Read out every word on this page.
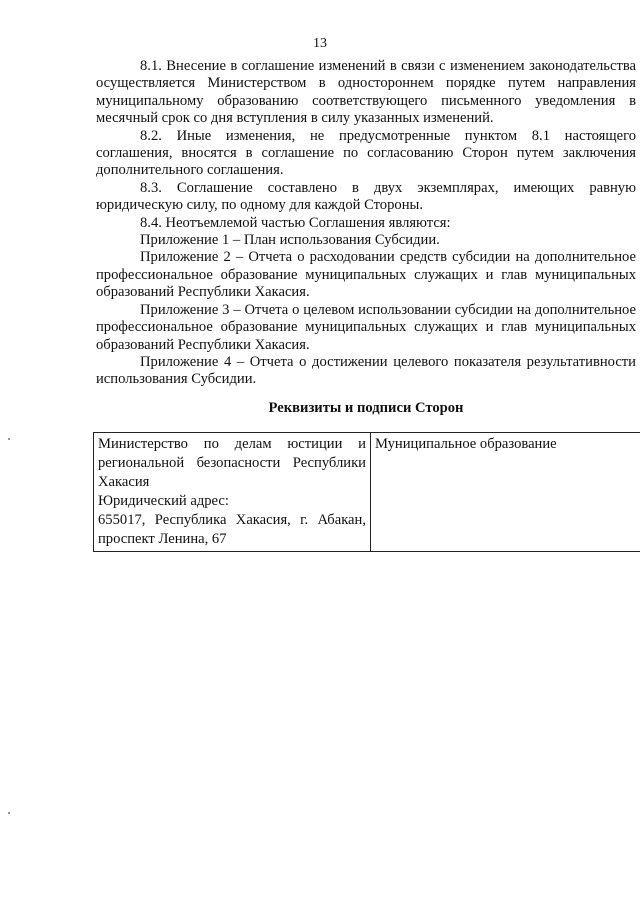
13

8.1. Внесение в соглашение изменений в связи с изменением законодательства осуществляется Министерством в одностороннем порядке путем направления муниципальному образованию соответствующего письменного уведомления в месячный срок со дня вступления в силу указанных изменений.

8.2. Иные изменения, не предусмотренные пунктом 8.1 настоящего соглашения, вносятся в соглашение по согласованию Сторон путем заключения дополнительного соглашения.

8.3. Соглашение составлено в двух экземплярах, имеющих равную юридическую силу, по одному для каждой Стороны.

8.4. Неотъемлемой частью Соглашения являются:

Приложение 1 – План использования Субсидии.

Приложение 2 – Отчета о расходовании средств субсидии на дополнительное профессиональное образование муниципальных служащих и глав муниципальных образований Республики Хакасия.

Приложение 3 – Отчета о целевом использовании субсидии на дополнительное профессиональное образование муниципальных служащих и глав муниципальных образований Республики Хакасия.

Приложение 4 – Отчета о достижении целевого показателя результативности использования Субсидии.

Реквизиты и подписи Сторон
Министерство по делам юстиции и региональной безопасности Республики Хакасия
Юридический адрес:
655017, Республика Хакасия, г. Абакан, проспект Ленина, 67
	Муниципальное образование
